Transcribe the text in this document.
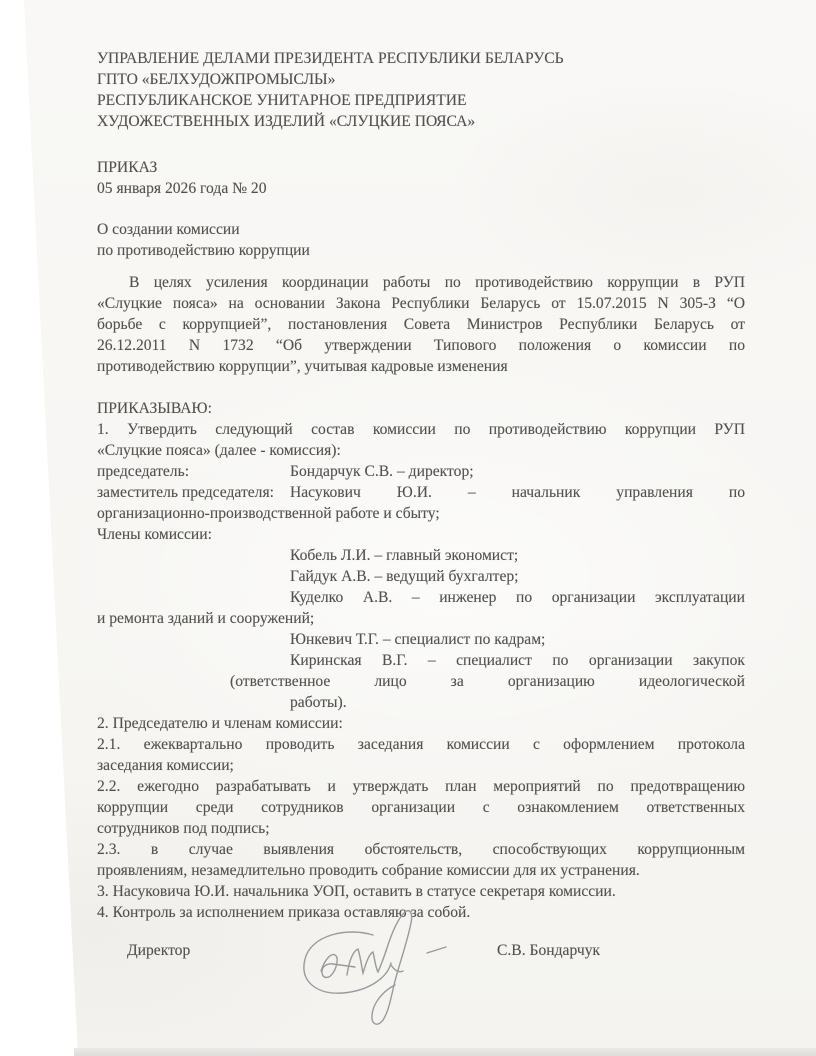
УПРАВЛЕНИЕ ДЕЛАМИ ПРЕЗИДЕНТА РЕСПУБЛИКИ БЕЛАРУСЬ
ГПТО «БЕЛХУДОЖПРОМЫСЛЫ»
РЕСПУБЛИКАНСКОЕ УНИТАРНОЕ ПРЕДПРИЯТИЕ
ХУДОЖЕСТВЕННЫХ ИЗДЕЛИЙ «СЛУЦКИЕ ПОЯСА»
ПРИКАЗ
05 января 2026 года № 20
О создании комиссии
по противодействию коррупции
В целях усиления координации работы по противодействию коррупции в РУП
«Слуцкие пояса» на основании Закона Республики Беларусь от 15.07.2015 N 305-З “О
борьбе с коррупцией”, постановления Совета Министров Республики Беларусь от
26.12.2011 N 1732 “Об утверждении Типового положения о комиссии по
противодействию коррупции”, учитывая кадровые изменения
ПРИКАЗЫВАЮ:
1. Утвердить следующий состав комиссии по противодействию коррупции РУП
«Слуцкие пояса» (далее - комиссия):
председатель:	Бондарчук С.В. – директор;
заместитель председателя:	Насукович Ю.И. – начальник управления по
организационно-производственной работе и сбыту;
Члены комиссии:
Кобель Л.И. – главный экономист;
Гайдук А.В. – ведущий бухгалтер;
Куделко А.В. – инженер по организации эксплуатации
и ремонта зданий и сооружений;
Юнкевич Т.Г. – специалист по кадрам;
Киринская В.Г. – специалист по организации закупок
(ответственное лицо за организацию идеологической
работы).
2. Председателю и членам комиссии:
2.1. ежеквартально проводить заседания комиссии с оформлением протокола
заседания комиссии;
2.2. ежегодно разрабатывать и утверждать план мероприятий по предотвращению
коррупции среди сотрудников организации с ознакомлением ответственных
сотрудников под подпись;
2.3. в случае выявления обстоятельств, способствующих коррупционным
проявлениям, незамедлительно проводить собрание комиссии для их устранения.
3. Насуковича Ю.И. начальника УОП, оставить в статусе секретаря комиссии.
4. Контроль за исполнением приказа оставляю за собой.
Директор	С.В. Бондарчук
